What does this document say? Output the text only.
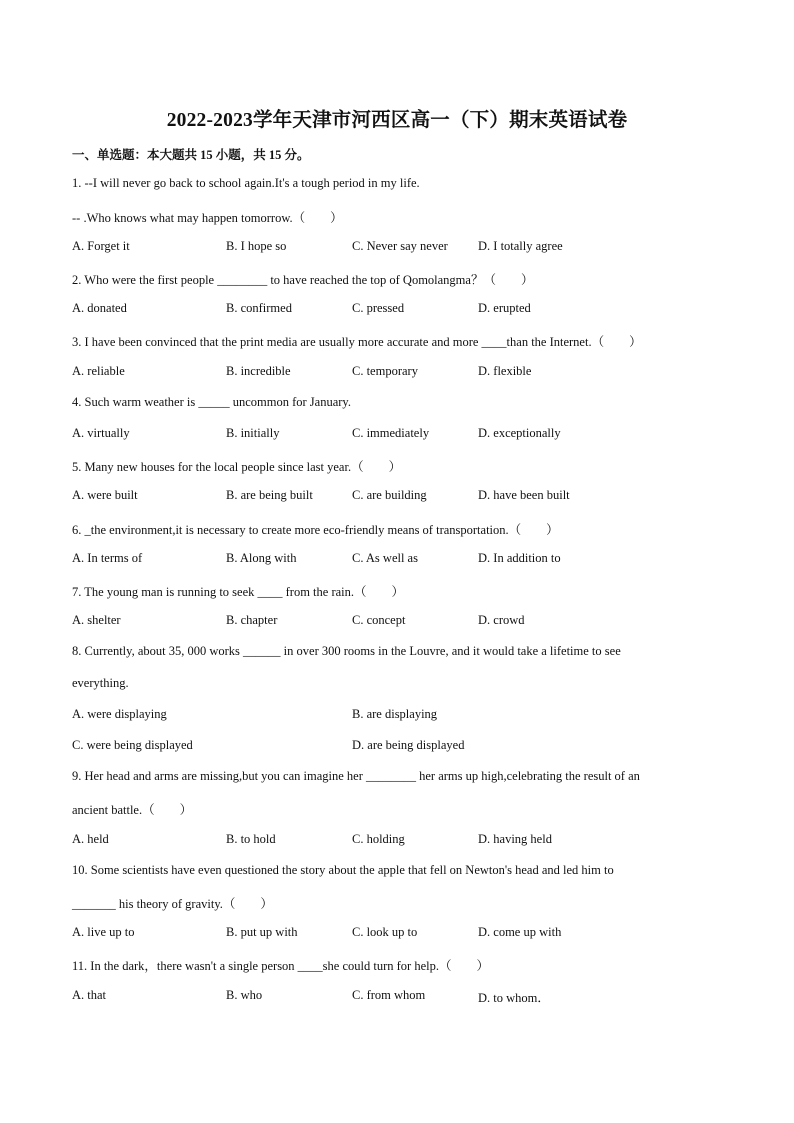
2022-2023学年天津市河西区高一（下）期末英语试卷
一、单选题：本大题共 15 小题，共 15 分。
1. --I will never go back to school again.It's a tough period in my life.
-- .Who knows what may happen tomorrow.（　　）
A. Forget it	B. I hope so	C. Never say never D. I totally agree
2. Who were the first people ________ to have reached the top of Qomolangma？（　　）
A. donated	B. confirmed	C. pressed	D. erupted
3. I have been convinced that the print media are usually more accurate and more ____than the Internet.（　　）
A. reliable	B. incredible	C. temporary	D. flexible
4. Such warm weather is _____ uncommon for January.
A. virtually	B. initially	C. immediately	D. exceptionally
5. Many new houses for the local people since last year.（　　）
A. were built	B. are being built	C. are building	D. have been built
6. _the environment,it is necessary to create more eco-friendly means of transportation.（　　）
A. In terms of	B. Along with	C. As well as	D. In addition to
7. The young man is running to seek ____ from the rain.（　　）
A. shelter	B. chapter	C. concept	D. crowd
8. Currently, about 35, 000 works ______ in over 300 rooms in the Louvre, and it would take a lifetime to see
everything.
A. were displaying	B. are displaying
C. were being displayed	D. are being displayed
9. Her head and arms are missing,but you can imagine her ________ her arms up high,celebrating the result of an
ancient battle.（　　）
A. held	B. to hold	C. holding	D. having held
10. Some scientists have even questioned the story about the apple that fell on Newton's head and led him to
_______ his theory of gravity.（　　）
A. live up to	B. put up with	C. look up to	D. come up with
11. In the dark，there wasn't a single person ____she could turn for help.（　　）
A. that	B. who	C. from whom	D. to whom．
